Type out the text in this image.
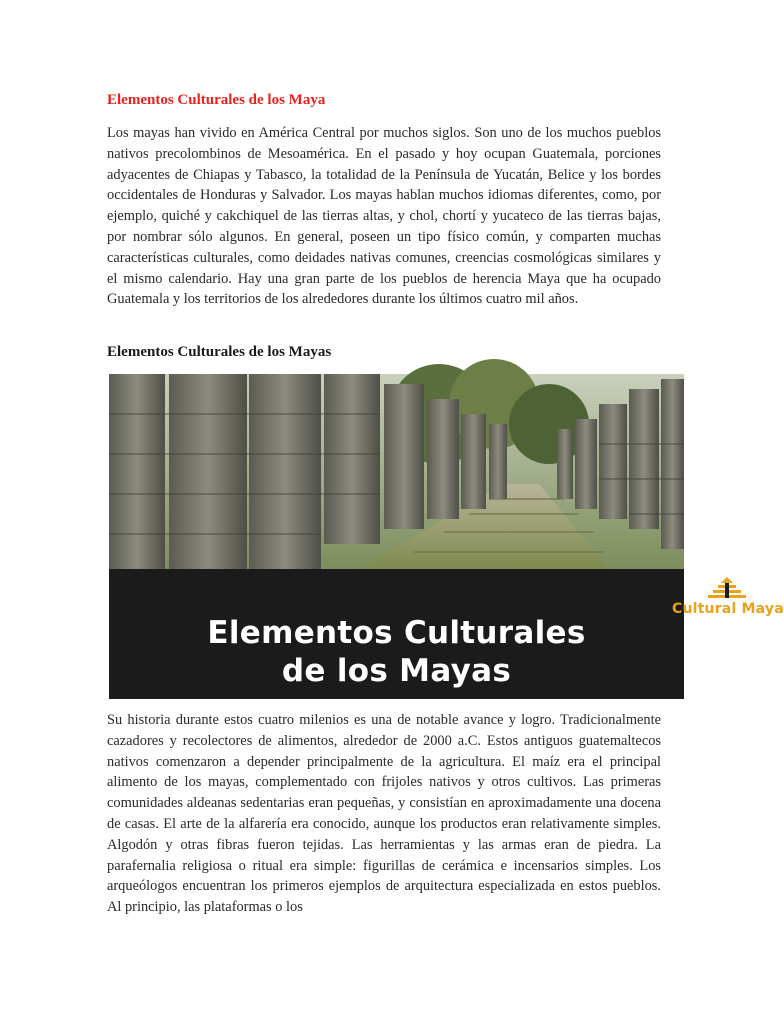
Elementos Culturales de los Maya

Los mayas han vivido en América Central por muchos siglos. Son uno de los muchos pueblos nativos precolombinos de Mesoamérica. En el pasado y hoy ocupan Guatemala, porciones adyacentes de Chiapas y Tabasco, la totalidad de la Península de Yucatán, Belice y los bordes occidentales de Honduras y Salvador. Los mayas hablan muchos idiomas diferentes, como, por ejemplo, quiché y cakchiquel de las tierras altas, y chol, chortí y yucateco de las tierras bajas, por nombrar sólo algunos. En general, poseen un tipo físico común, y comparten muchas características culturales, como deidades nativas comunes, creencias cosmológicas similares y el mismo calendario. Hay una gran parte de los pueblos de herencia Maya que ha ocupado Guatemala y los territorios de los alrededores durante los últimos cuatro mil años.

Elementos Culturales de los Mayas
Cultural Maya
Elementos Culturales
de los Mayas

Su historia durante estos cuatro milenios es una de notable avance y logro. Tradicionalmente cazadores y recolectores de alimentos, alrededor de 2000 a.C. Estos antiguos guatemaltecos nativos comenzaron a depender principalmente de la agricultura. El maíz era el principal alimento de los mayas, complementado con frijoles nativos y otros cultivos. Las primeras comunidades aldeanas sedentarias eran pequeñas, y consistían en aproximadamente una docena de casas. El arte de la alfarería era conocido, aunque los productos eran relativamente simples. Algodón y otras fibras fueron tejidas. Las herramientas y las armas eran de piedra. La parafernalia religiosa o ritual era simple: figurillas de cerámica e incensarios simples. Los arqueólogos encuentran los primeros ejemplos de arquitectura especializada en estos pueblos. Al principio, las plataformas o los
